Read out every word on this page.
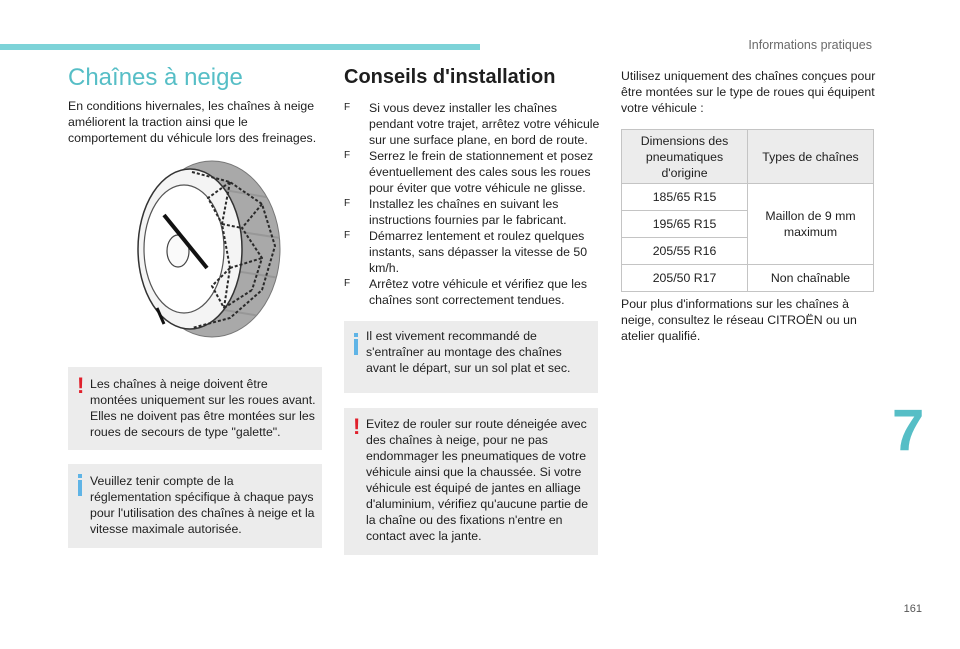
Informations pratiques
Chaînes à neige

En conditions hivernales, les chaînes à neige améliorent la traction ainsi que le comportement du véhicule lors des freinages.

! Les chaînes à neige doivent être montées uniquement sur les roues avant. Elles ne doivent pas être montées sur les roues de secours de type "galette".

Veuillez tenir compte de la réglementation spécifique à chaque pays pour l'utilisation des chaînes à neige et la vitesse maximale autorisée.

Conseils d'installation
F Si vous devez installer les chaînes pendant votre trajet, arrêtez votre véhicule sur une surface plane, en bord de route.
F Serrez le frein de stationnement et posez éventuellement des cales sous les roues pour éviter que votre véhicule ne glisse.
F Installez les chaînes en suivant les instructions fournies par le fabricant.
F Démarrez lentement et roulez quelques instants, sans dépasser la vitesse de 50 km/h.
F Arrêtez votre véhicule et vérifiez que les chaînes sont correctement tendues.

Il est vivement recommandé de s'entraîner au montage des chaînes avant le départ, sur un sol plat et sec.

! Evitez de rouler sur route déneigée avec des chaînes à neige, pour ne pas endommager les pneumatiques de votre véhicule ainsi que la chaussée. Si votre véhicule est équipé de jantes en alliage d'aluminium, vérifiez qu'aucune partie de la chaîne ou des fixations n'entre en contact avec la jante.

Utilisez uniquement des chaînes conçues pour être montées sur le type de roues qui équipent votre véhicule :

Dimensions des pneumatiques d'origine	Types de chaînes
185/65 R15	Maillon de 9 mm maximum
195/65 R15	
205/55 R16	
205/50 R17	Non chaînable

Pour plus d'informations sur les chaînes à neige, consultez le réseau CITROËN ou un atelier qualifié.

7
161
